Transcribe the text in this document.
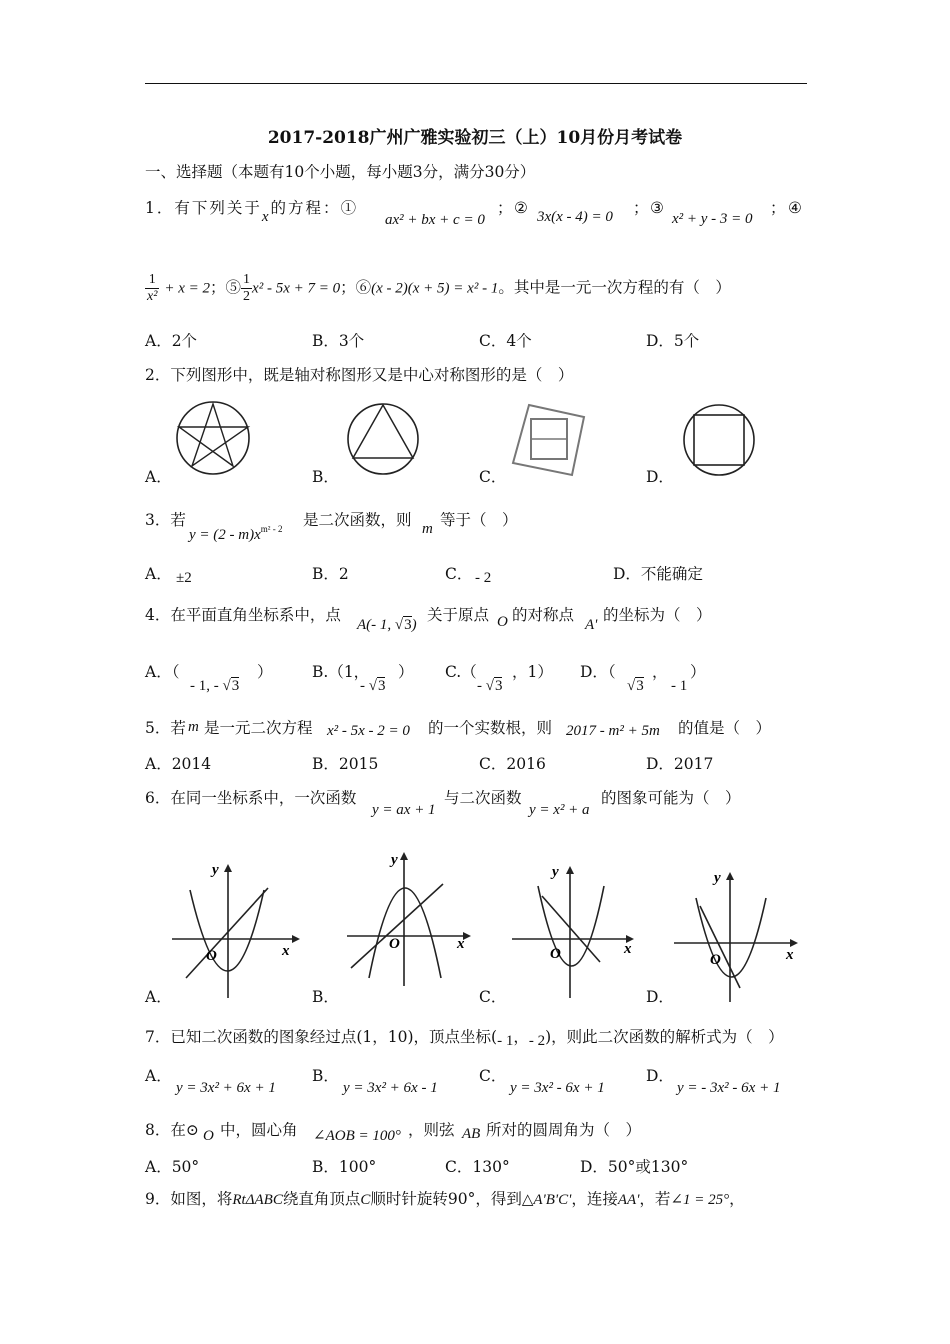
2017-2018广州广雅实验初三（上）10月份月考试卷
一、选择题（本题有10个小题，每小题3分，满分30分）
1．有下列关于x的方程：①
ax² + bx + c = 0
； ② 3x(x - 4) = 0 ； ③
x² + y - 3 = 0
； ④
$\frac{1}{\text{x²}} + x = 2$；⑤ $\frac{1}{2} x^2 - 5x + 7 = 0$；⑥(x - 2)(x + 5) = x² - 1。其中是一元一次方程的有（　）
A．2个	B．3个	C．4个	D．5个
2．下列图形中，既是轴对称图形又是中心对称图形的是（　）
A．	B．	C．	D．
3．若
$y = (2 - m)x^{m^2 - 2}$ 是二次函数，则 m 等于（　）
A． ±2	B．2	C． - 2	D．不能确定
4．在平面直角坐标系中，点
A(- 1, √3)
关于原点 O 的对称点
A'
的坐标为（　）
A．（
- 1, - √3
）	B.（1，
- √3
） C.（
- √3
，1） D．（
√3
，
- 1
）
5．若 m 是一元二次方程 x² - 5x - 2 = 0 的一个实数根，则 2017 - m² + 5m 的值是（　）
A．2014	B．2015	C．2016	D．2017
6．在同一坐标系中，一次函数
y = ax + 1
与二次函数
y = x² + a
的图象可能为（　）
y
x
O
y
x
O
y
x
O
y
x
O
A．	B．	C．	D．
7．已知二次函数的图象经过点(1，10)，顶点坐标(- 1，- 2)，则此二次函数的解析式为（　）
A．
y = 3x² + 6x + 1
B．
y = 3x² + 6x - 1
C．
y = 3x² - 6x + 1
D．
y = - 3x² - 6x + 1
8．在⊙ O 中，圆心角 ∠AOB = 100° ，则弦 AB 所对的圆周角为（　）
A．50°	B．100°	C．130°	D．50°或130°
9．如图，将RtΔABC绕直角顶点C顺时针旋转90°，得到△A'B'C'，连接AA'，若∠1 = 25°，
